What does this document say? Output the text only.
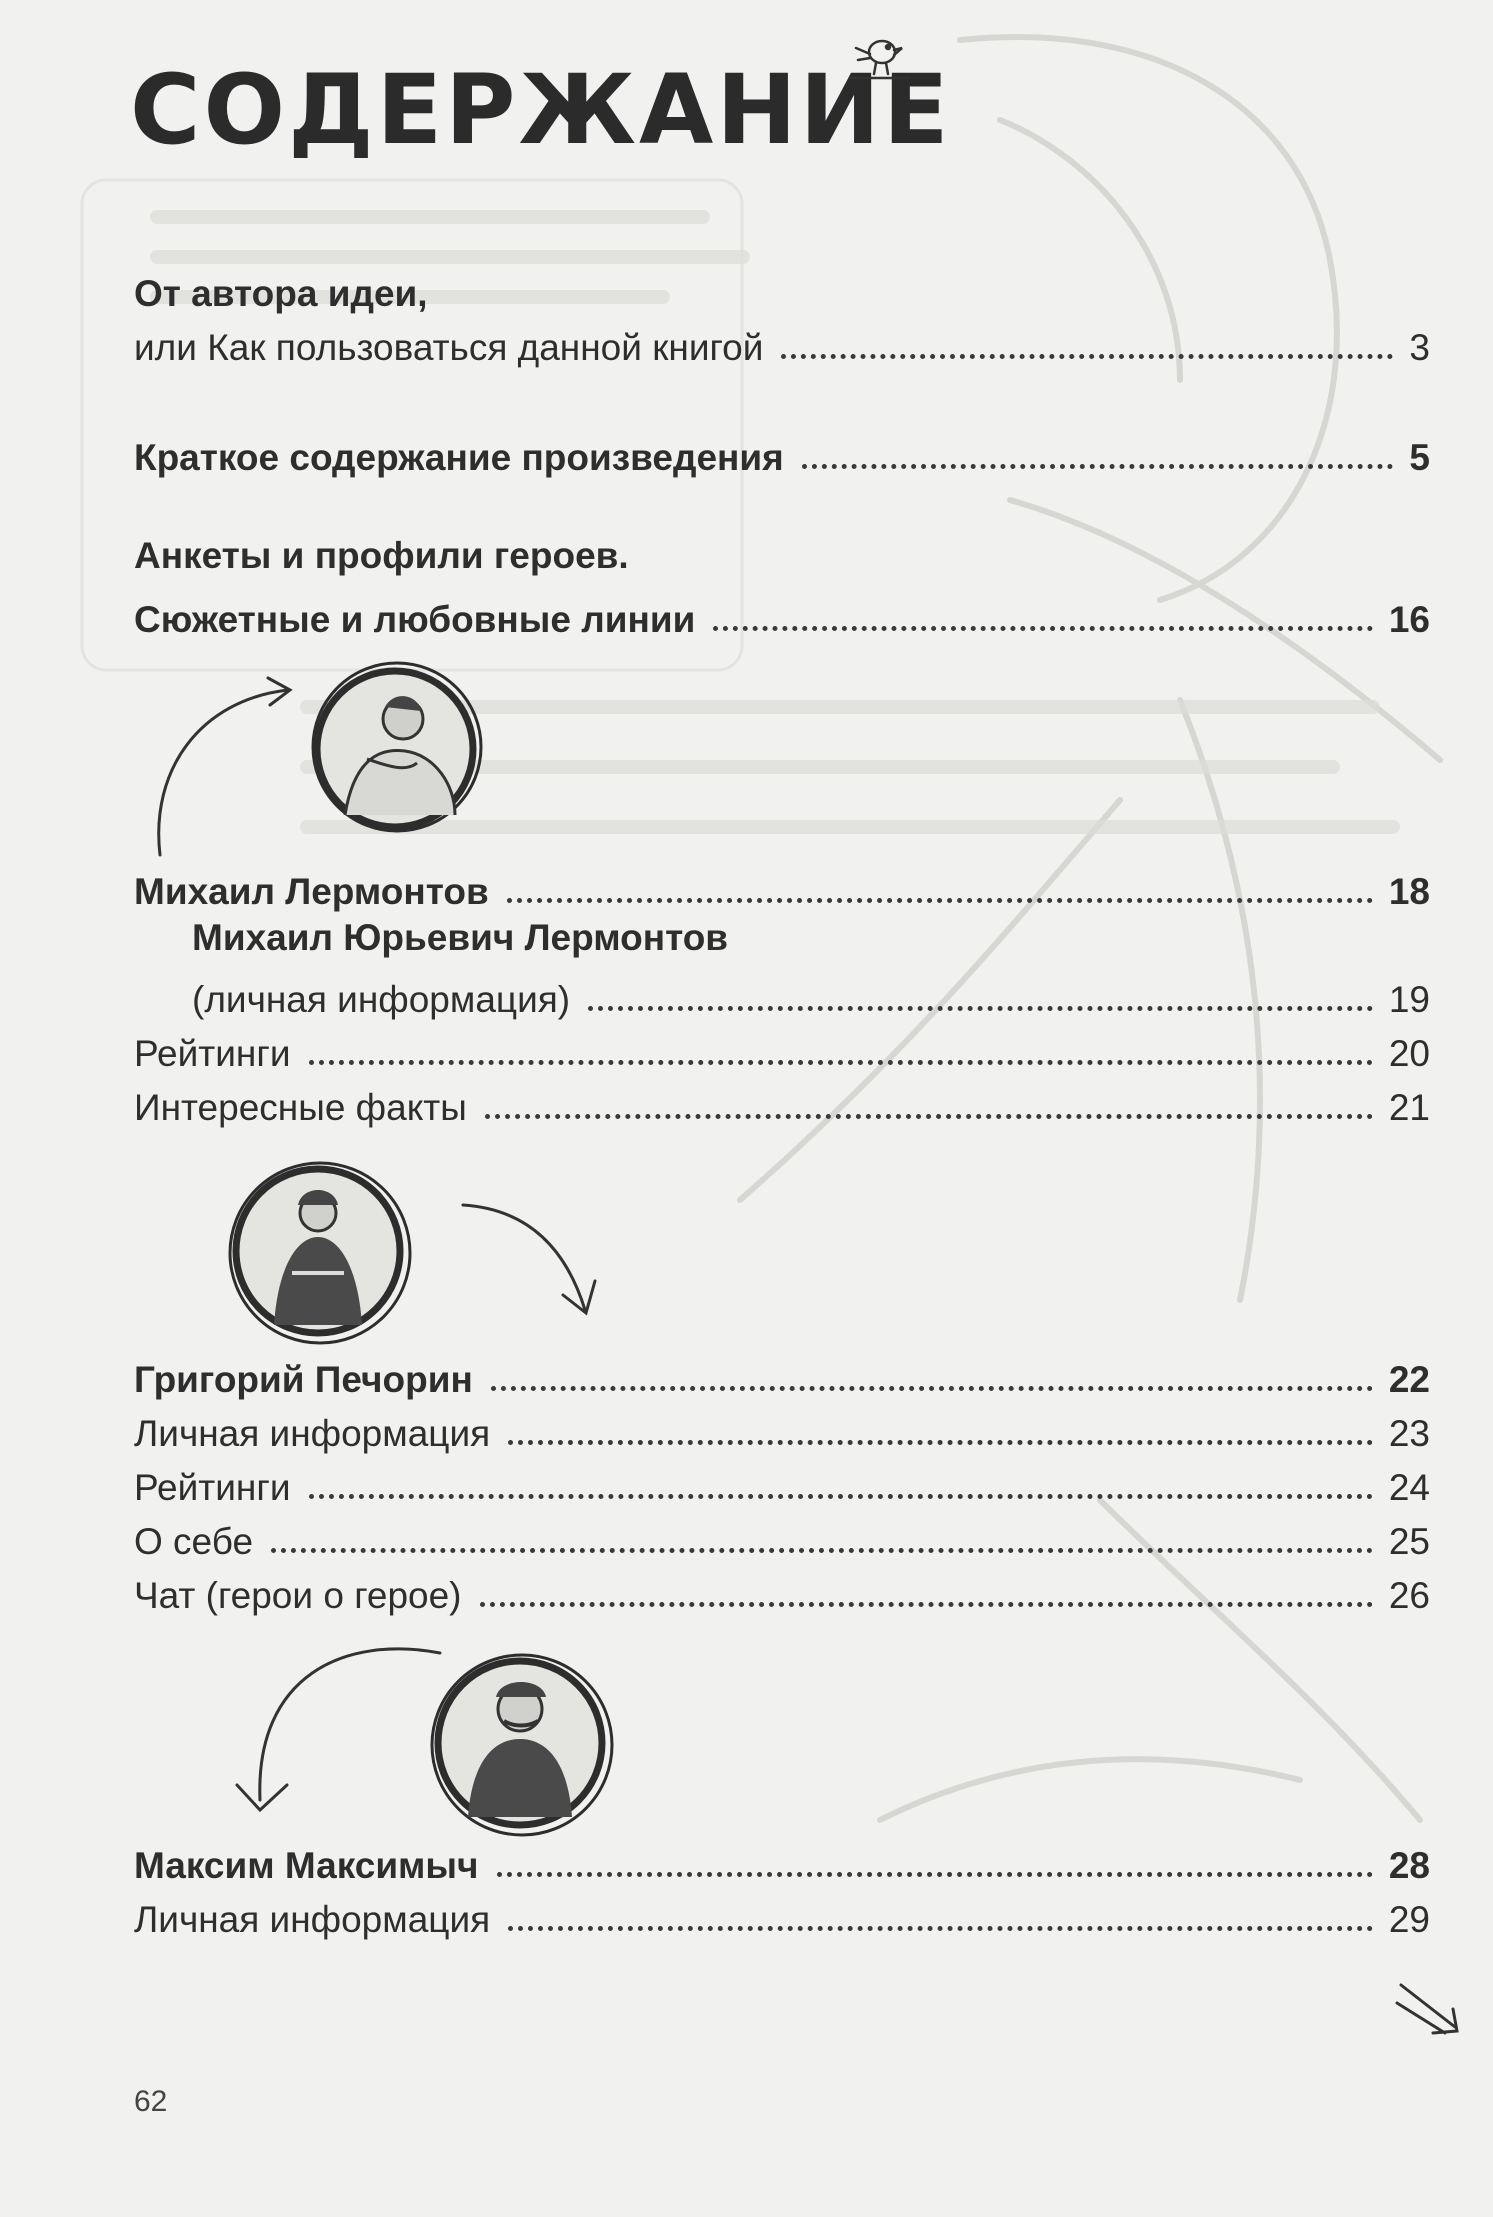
СОДЕРЖАНИЕ
От автора идеи,
или Как пользоваться данной книгой	3
Краткое содержание произведения	5
Анкеты и профили героев.
Сюжетные и любовные линии	16
Михаил Лермонтов	18
Михаил Юрьевич Лермонтов
(личная информация)	19
Рейтинги	20
Интересные факты	21
Григорий Печорин	22
Личная информация	23
Рейтинги	24
О себе	25
Чат (герои о герое)	26
Максим Максимыч	28
Личная информация	29
62
